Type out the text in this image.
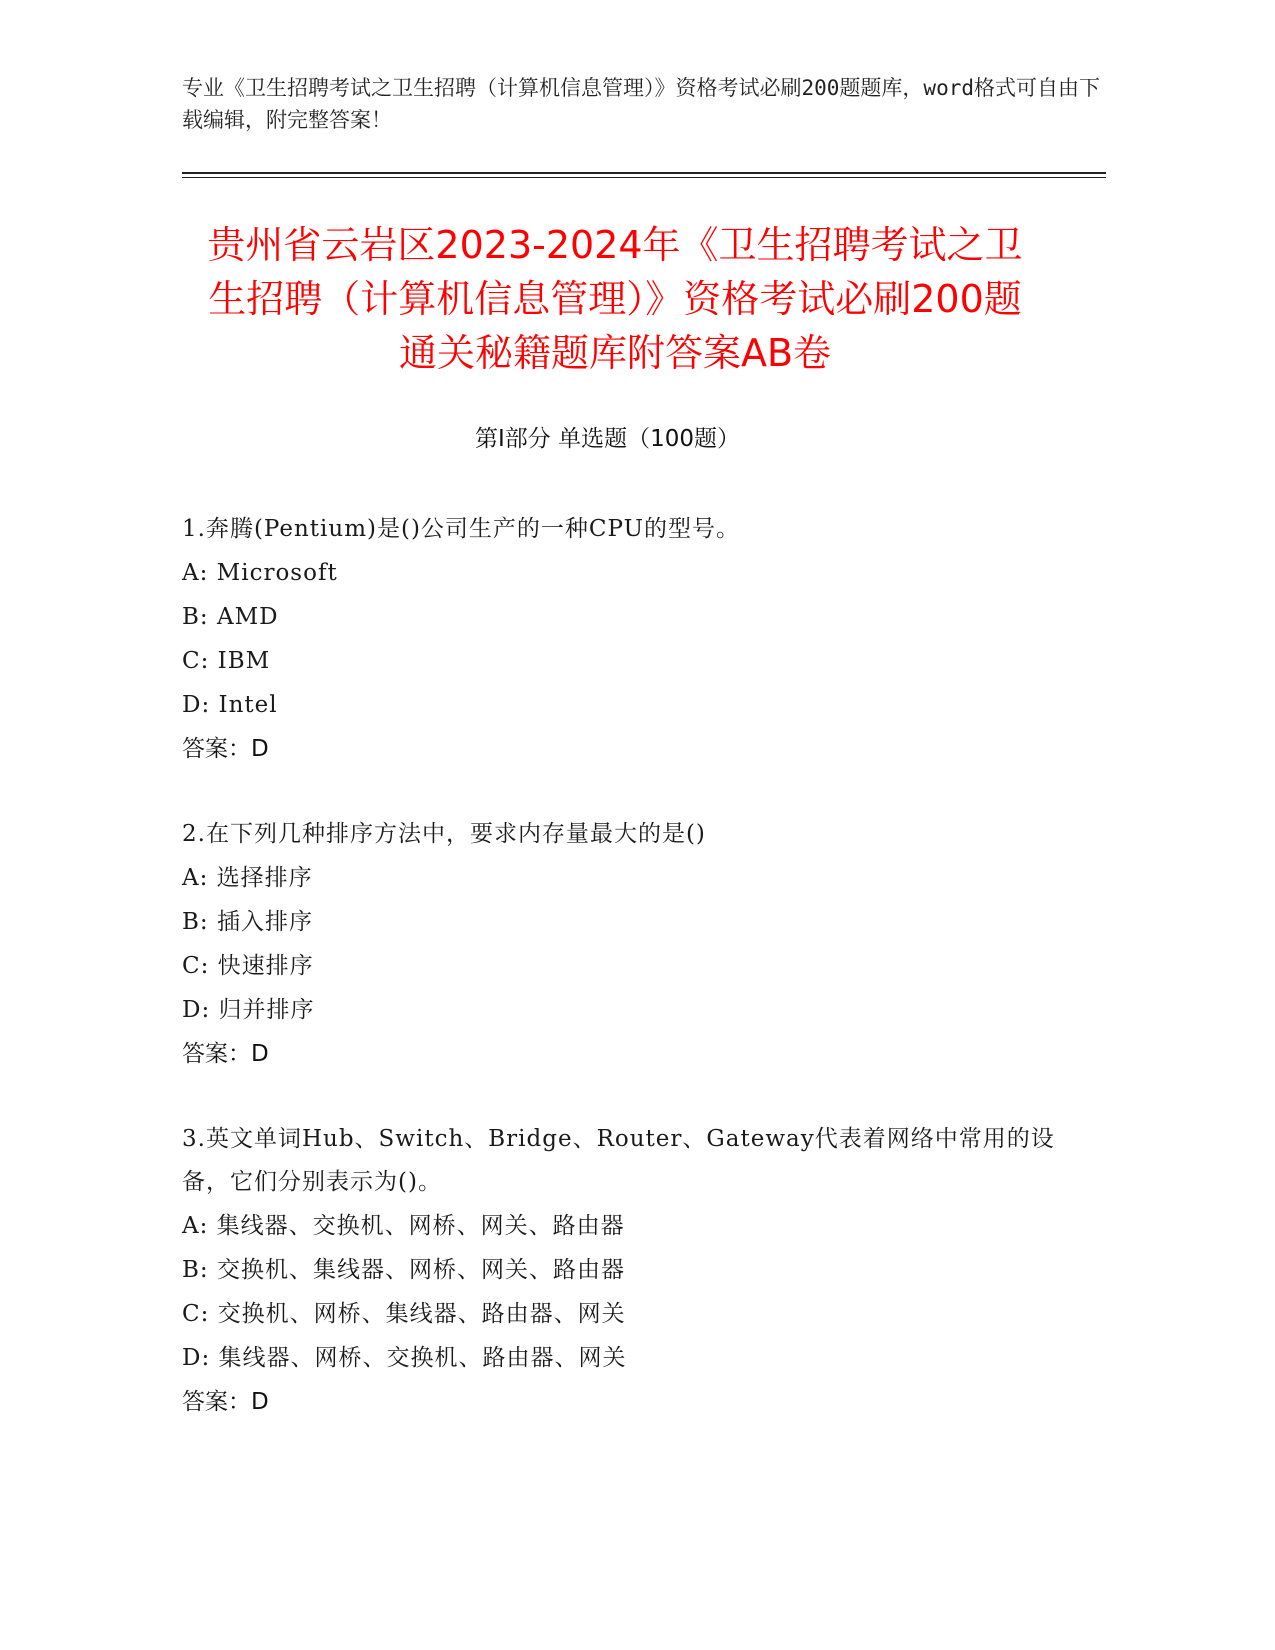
专业《卫生招聘考试之卫生招聘（计算机信息管理）》资格考试必刷200题题库，word格式可自由下载编辑，附完整答案！
贵州省云岩区2023-2024年《卫生招聘考试之卫生招聘（计算机信息管理）》资格考试必刷200题通关秘籍题库附答案AB卷
第I部分 单选题（100题）
1.奔腾(Pentium)是()公司生产的一种CPU的型号。
A: Microsoft
B: AMD
C: IBM
D: Intel
答案：D
2.在下列几种排序方法中，要求内存量最大的是()
A: 选择排序
B: 插入排序
C: 快速排序
D: 归并排序
答案：D
3.英文单词Hub、Switch、Bridge、Router、Gateway代表着网络中常用的设备，它们分别表示为()。
A: 集线器、交换机、网桥、网关、路由器
B: 交换机、集线器、网桥、网关、路由器
C: 交换机、网桥、集线器、路由器、网关
D: 集线器、网桥、交换机、路由器、网关
答案：D
